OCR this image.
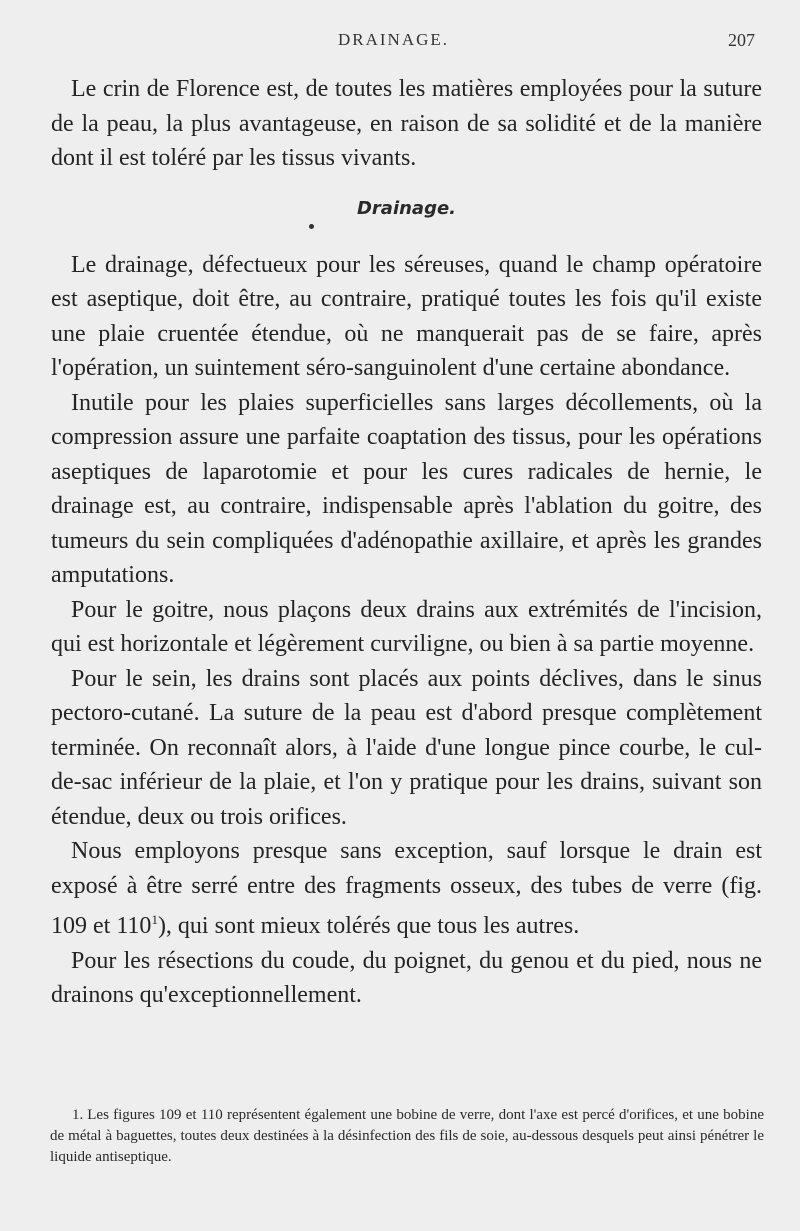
DRAINAGE.	207

Le crin de Florence est, de toutes les matières employées pour la suture de la peau, la plus avantageuse, en raison de sa solidité et de la manière dont il est toléré par les tissus vivants.

Drainage.

Le drainage, défectueux pour les séreuses, quand le champ opératoire est aseptique, doit être, au contraire, pratiqué toutes les fois qu'il existe une plaie cruentée étendue, où ne manquerait pas de se faire, après l'opération, un suintement séro-sanguinolent d'une certaine abondance.

Inutile pour les plaies superficielles sans larges décollements, où la compression assure une parfaite coaptation des tissus, pour les opérations aseptiques de laparotomie et pour les cures radicales de hernie, le drainage est, au contraire, indispensable après l'ablation du goitre, des tumeurs du sein compliquées d'adénopathie axillaire, et après les grandes amputations.

Pour le goitre, nous plaçons deux drains aux extrémités de l'incision, qui est horizontale et légèrement curviligne, ou bien à sa partie moyenne.

Pour le sein, les drains sont placés aux points déclives, dans le sinus pectoro-cutané. La suture de la peau est d'abord presque complètement terminée. On reconnaît alors, à l'aide d'une longue pince courbe, le cul-de-sac inférieur de la plaie, et l'on y pratique pour les drains, suivant son étendue, deux ou trois orifices.

Nous employons presque sans exception, sauf lorsque le drain est exposé à être serré entre des fragments osseux, des tubes de verre (fig. 109 et $110^1$), qui sont mieux tolérés que tous les autres.

Pour les résections du coude, du poignet, du genou et du pied, nous ne drainons qu'exceptionnellement.

1. Les figures 109 et 110 représentent également une bobine de verre, dont l'axe est percé d'orifices, et une bobine de métal à baguettes, toutes deux destinées à la désinfection des fils de soie, au-dessous desquels peut ainsi pénétrer le liquide antiseptique.
